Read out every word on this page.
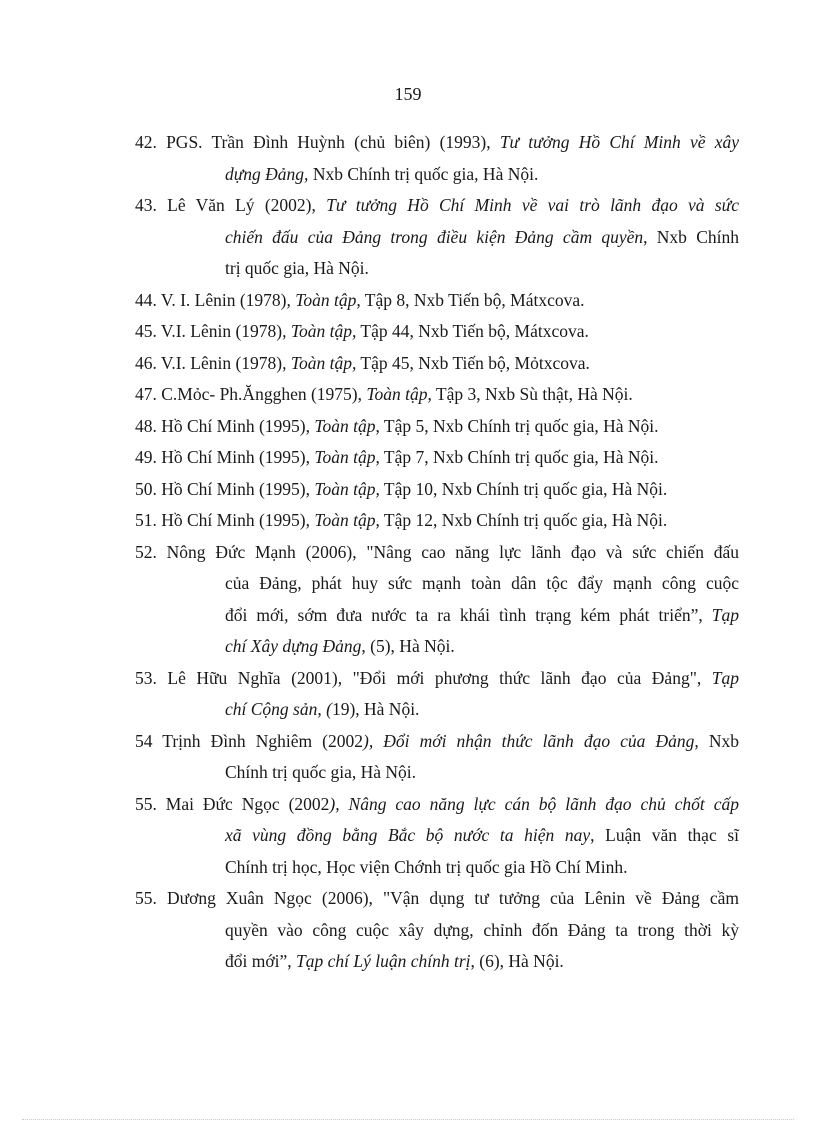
159
42. PGS. Trần Đình Huỳnh (chủ biên) (1993), Tư tưởng Hồ Chí Minh về xây
dựng Đảng, Nxb Chính trị quốc gia, Hà Nội.
43. Lê Văn Lý (2002), Tư tưởng Hồ Chí Minh về vai trò lãnh đạo và sức
chiến đấu của Đảng trong điều kiện Đảng cầm quyền, Nxb Chính
trị quốc gia, Hà Nội.
44. V. I. Lênin (1978), Toàn tập, Tập 8, Nxb Tiến bộ, Mátxcova.
45. V.I. Lênin (1978), Toàn tập, Tập 44, Nxb Tiến bộ, Mátxcova.
46. V.I. Lênin (1978), Toàn tập, Tập 45, Nxb Tiến bộ, Mỏtxcova.
47. C.Mỏc- Ph.Ăngghen (1975), Toàn tập, Tập 3, Nxb Sù thật, Hà Nội.
48. Hồ Chí Minh (1995), Toàn tập, Tập 5, Nxb Chính trị quốc gia, Hà Nội.
49. Hồ Chí Minh (1995), Toàn tập, Tập 7, Nxb Chính trị quốc gia, Hà Nội.
50. Hồ Chí Minh (1995), Toàn tập, Tập 10, Nxb Chính trị quốc gia, Hà Nội.
51. Hồ Chí Minh (1995), Toàn tập, Tập 12, Nxb Chính trị quốc gia, Hà Nội.
52. Nông Đức Mạnh (2006), "Nâng cao năng lực lãnh đạo và sức chiến đấu
của Đảng, phát huy sức mạnh toàn dân tộc đẩy mạnh công cuộc
đổi mới, sớm đưa nước ta ra khái tình trạng kém phát triển”, Tạp
chí Xây dựng Đảng, (5), Hà Nội.
53. Lê Hữu Nghĩa (2001), "Đổi mới phương thức lãnh đạo của Đảng", Tạp
chí Cộng sản, (19), Hà Nội.
54 Trịnh Đình Nghiêm (2002), Đổi mới nhận thức lãnh đạo của Đảng, Nxb
Chính trị quốc gia, Hà Nội.
55. Mai Đức Ngọc (2002), Nâng cao năng lực cán bộ lãnh đạo chủ chốt cấp
xã vùng đồng bằng Bắc bộ nước ta hiện nay, Luận văn thạc sĩ
Chính trị học, Học viện Chớnh trị quốc gia Hồ Chí Minh.
55. Dương Xuân Ngọc (2006), "Vận dụng tư tưởng của Lênin về Đảng cầm
quyền vào công cuộc xây dựng, chỉnh đốn Đảng ta trong thời kỳ
đổi mới”, Tạp chí Lý luận chính trị, (6), Hà Nội.
